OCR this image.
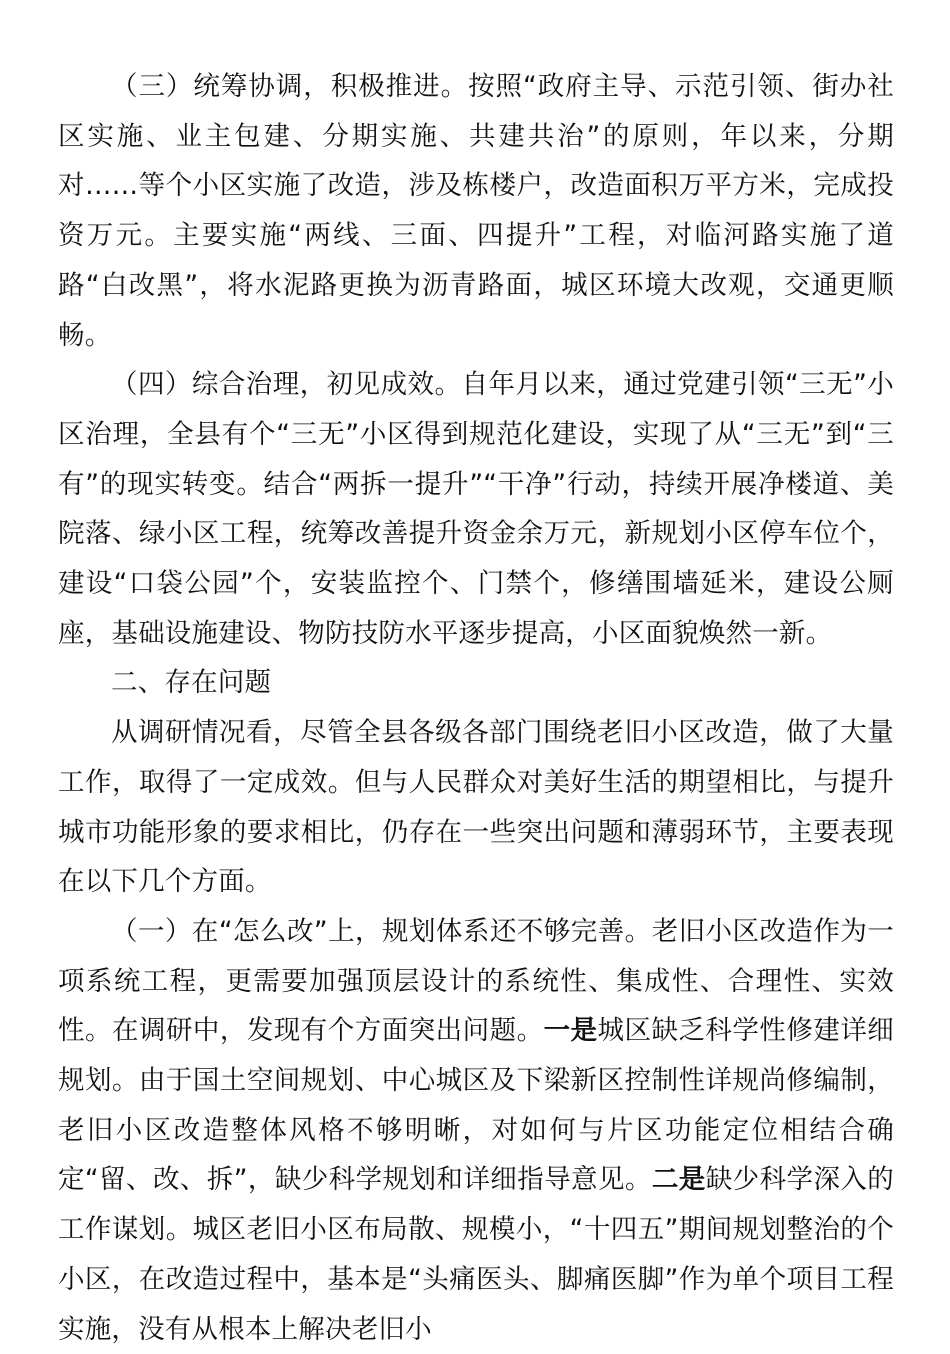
（三）统筹协调，积极推进。按照“政府主导、示范引领、街办社区实施、业主包建、分期实施、共建共治”的原则，年以来，分期对……等个小区实施了改造，涉及栋楼户，改造面积万平方米，完成投资万元。主要实施“两线、三面、四提升”工程，对临河路实施了道路“白改黑”，将水泥路更换为沥青路面，城区环境大改观，交通更顺畅。

（四）综合治理，初见成效。自年月以来，通过党建引领“三无”小区治理，全县有个“三无”小区得到规范化建设，实现了从“三无”到“三有”的现实转变。结合“两拆一提升”“干净”行动，持续开展净楼道、美院落、绿小区工程，统筹改善提升资金余万元，新规划小区停车位个，建设“口袋公园”个，安装监控个、门禁个，修缮围墙延米，建设公厕座，基础设施建设、物防技防水平逐步提高，小区面貌焕然一新。

二、存在问题

从调研情况看，尽管全县各级各部门围绕老旧小区改造，做了大量工作，取得了一定成效。但与人民群众对美好生活的期望相比，与提升城市功能形象的要求相比，仍存在一些突出问题和薄弱环节，主要表现在以下几个方面。

（一）在“怎么改”上，规划体系还不够完善。老旧小区改造作为一项系统工程，更需要加强顶层设计的系统性、集成性、合理性、实效性。在调研中，发现有个方面突出问题。一是城区缺乏科学性修建详细规划。由于国土空间规划、中心城区及下梁新区控制性详规尚修编制，老旧小区改造整体风格不够明晰，对如何与片区功能定位相结合确定“留、改、拆”，缺少科学规划和详细指导意见。二是缺少科学深入的工作谋划。城区老旧小区布局散、规模小，“十四五”期间规划整治的个小区，在改造过程中，基本是“头痛医头、脚痛医脚”作为单个项目工程实施，没有从根本上解决老旧小
